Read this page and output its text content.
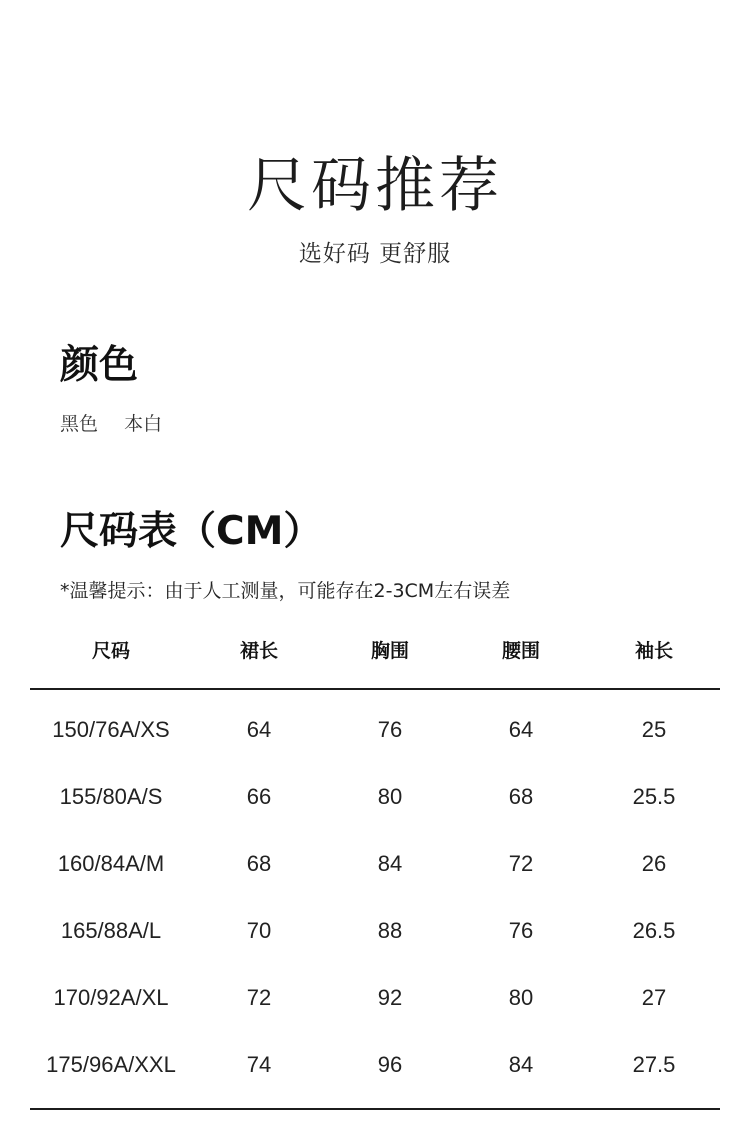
尺码推荐
选好码 更舒服
颜色
黑色 本白
尺码表（CM）
*温馨提示：由于人工测量，可能存在2-3CM左右误差
尺码	裙长	胸围	腰围	袖长
150/76A/XS	64	76	64	25
155/80A/S	66	80	68	25.5
160/84A/M	68	84	72	26
165/88A/L	70	88	76	26.5
170/92A/XL	72	92	80	27
175/96A/XXL	74	96	84	27.5
